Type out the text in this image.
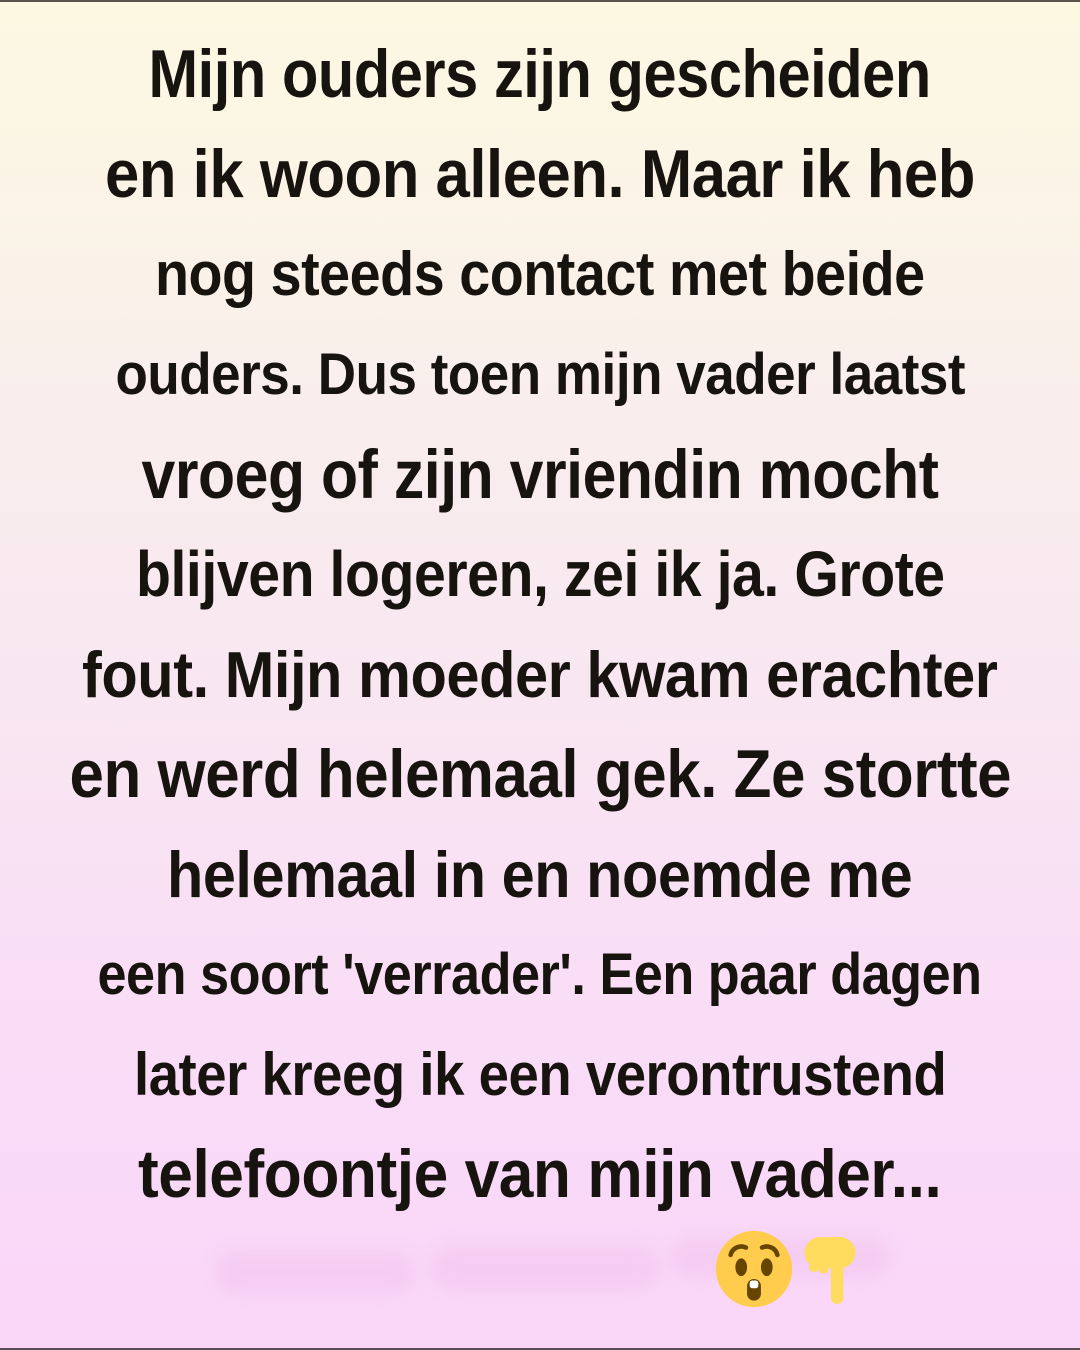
Mijn ouders zijn gescheiden
en ik woon alleen. Maar ik heb
nog steeds contact met beide
ouders. Dus toen mijn vader laatst
vroeg of zijn vriendin mocht
blijven logeren, zei ik ja. Grote
fout. Mijn moeder kwam erachter
en werd helemaal gek. Ze stortte
helemaal in en noemde me
een soort 'verrader'. Een paar dagen
later kreeg ik een verontrustend
telefoontje van mijn vader...
